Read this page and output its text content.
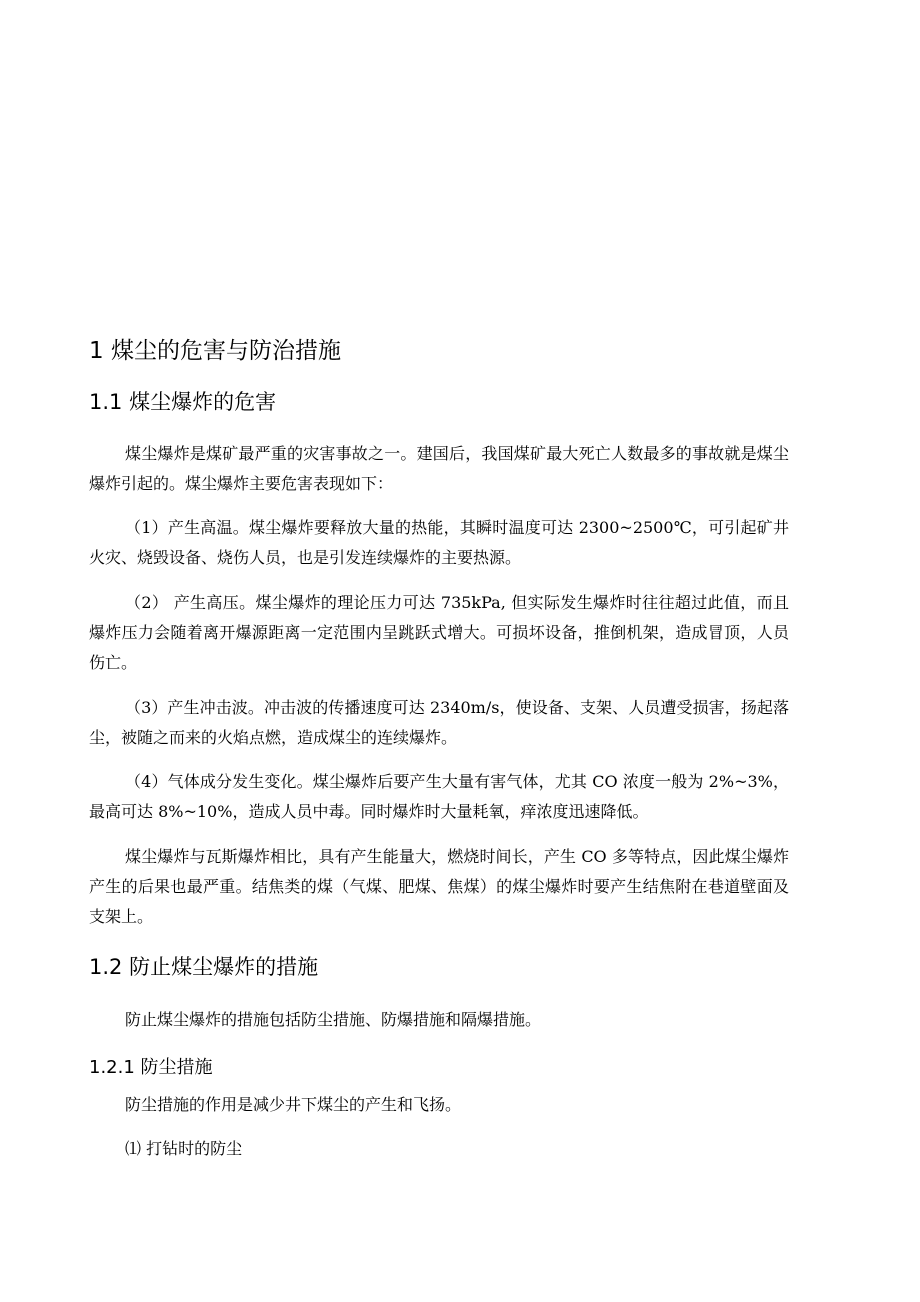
1 煤尘的危害与防治措施
1.1 煤尘爆炸的危害

煤尘爆炸是煤矿最严重的灾害事故之一。建国后，我国煤矿最大死亡人数最多的事故就是煤尘爆炸引起的。煤尘爆炸主要危害表现如下：

（1）产生高温。煤尘爆炸要释放大量的热能，其瞬时温度可达 2300~2500℃，可引起矿井火灾、烧毁设备、烧伤人员，也是引发连续爆炸的主要热源。

（2） 产生高压。煤尘爆炸的理论压力可达 735kPa, 但实际发生爆炸时往往超过此值，而且爆炸压力会随着离开爆源距离一定范围内呈跳跃式增大。可损坏设备，推倒机架，造成冒顶，人员伤亡。

（3）产生冲击波。冲击波的传播速度可达 2340m/s，使设备、支架、人员遭受损害，扬起落尘，被随之而来的火焰点燃，造成煤尘的连续爆炸。

（4）气体成分发生变化。煤尘爆炸后要产生大量有害气体，尤其 CO 浓度一般为 2%~3%，最高可达 8%~10%，造成人员中毒。同时爆炸时大量耗氧，痒浓度迅速降低。

煤尘爆炸与瓦斯爆炸相比，具有产生能量大，燃烧时间长，产生 CO 多等特点，因此煤尘爆炸产生的后果也最严重。结焦类的煤（气煤、肥煤、焦煤）的煤尘爆炸时要产生结焦附在巷道壁面及支架上。

1.2 防止煤尘爆炸的措施

防止煤尘爆炸的措施包括防尘措施、防爆措施和隔爆措施。

1.2.1 防尘措施

防尘措施的作用是减少井下煤尘的产生和飞扬。

⑴ 打钻时的防尘
